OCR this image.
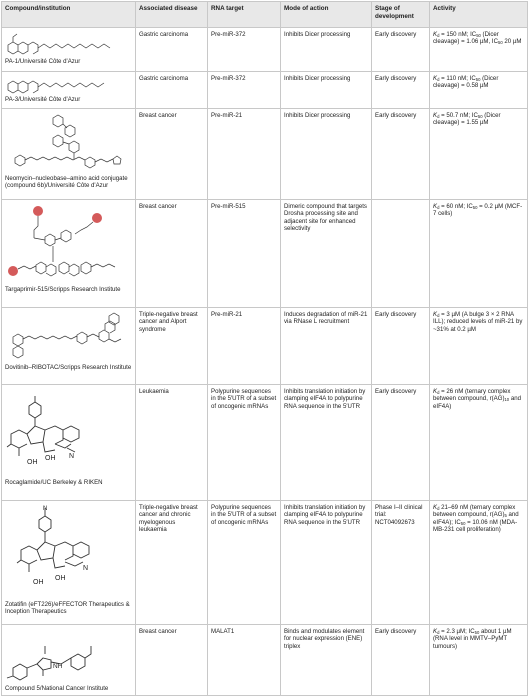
Compound/institution	Associated disease	RNA target	Mode of action	Stage of development	Activity

PA-1/Université Côte d'Azur	Gastric carcinoma	Pre-miR-372	Inhibits Dicer processing	Early discovery	$K_d = 150$ nM; $IC_{50}$ (Dicer cleavage) = 1.06 µM, $IC_{50}$ 20 µM

PA-3/Université Côte d'Azur	Gastric carcinoma	Pre-miR-372	Inhibits Dicer processing	Early discovery	$K_d = 110$ nM; $IC_{50}$ (Dicer cleavage) = 0.58 µM

Neomycin–nucleobase–amino acid conjugate (compound 6b)/Université Côte d'Azur	Breast cancer	Pre-miR-21	Inhibits Dicer processing	Early discovery	$K_d = 50.7$ nM; $IC_{50}$ (Dicer cleavage) = 1.55 µM

Targaprimir-515/Scripps Research Institute	Breast cancer	Pre-miR-515	Dimeric compound that targets Drosha processing site and adjacent site for enhanced selectivity		$K_d = 60$ nM; $IC_{50} = 0.2$ µM (MCF-7 cells)

Dovitinib–RIBOTAC/Scripps Research Institute	Triple-negative breast cancer and Alport syndrome	Pre-miR-21	Induces degradation of miR-21 via RNase L recruitment	Early discovery	$K_d = 3$ µM (A bulge 3 × 2 RNA ILL); reduced levels of miR-21 by ~31% at 0.2 µM

OH
OH N
Rocaglamide/UC Berkeley & RIKEN	Leukaemia	Polypurine sequences in the 5′UTR of a subset of oncogenic mRNAs	Inhibits translation initiation by clamping eIF4A to polypurine RNA sequence in the 5′UTR	Early discovery	$K_d = 26$ nM (ternary complex between compound, $r(AG)_{10}$ and eIF4A)

N
OH
OH
N
Zotatifin (eFT226)/eFFECTOR Therapeutics & Inception Therapeutics	Triple-negative breast cancer and chronic myelogenous leukaemia	Polypurine sequences in the 5′UTR of a subset of oncogenic mRNAs	Inhibits translation initiation by clamping eIF4A to polypurine RNA sequence in the 5′UTR	Phase I–II clinical trial: NCT04092673	$K_d$ 21–69 nM (ternary complex between compound, $r(AG)_5$ and eIF4A); $IC_{50} = 10.06$ nM (MDA-MB-231 cell proliferation)

NH
Compound 5/National Cancer Institute	Breast cancer	MALAT1	Binds and modulates element for nuclear expression (ENE) triplex	Early discovery	$K_d = 2.3$ µM; $IC_{50}$ about 1 µM (RNA level in MMTV–PyMT tumours)
